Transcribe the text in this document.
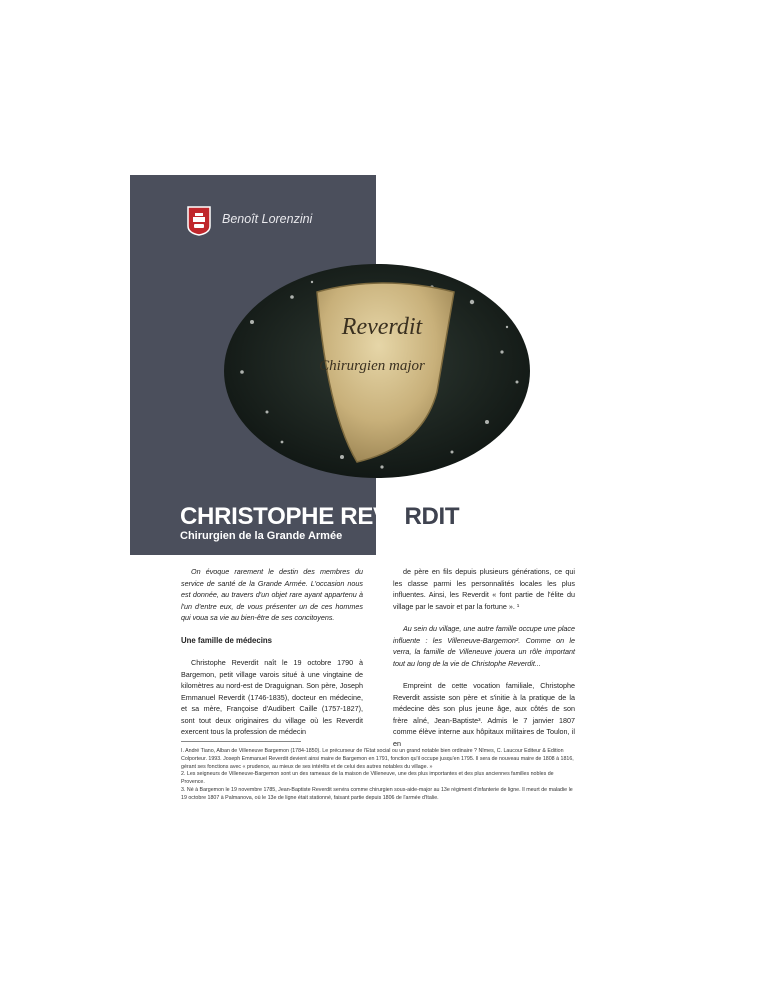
Benoît Lorenzini
Reverdit
Chirurgien major
CHRISTOPHE REVERDIT
Chirurgien de la Grande Armée

On évoque rarement le destin des membres du service de santé de la Grande Armée. L'occasion nous est donnée, au travers d'un objet rare ayant appartenu à l'un d'entre eux, de vous présenter un de ces hommes qui voua sa vie au bien-être de ses concitoyens.

Une famille de médecins

Christophe Reverdit naît le 19 octobre 1790 à Bargemon, petit village varois situé à une vingtaine de kilomètres au nord-est de Draguignan. Son père, Joseph Emmanuel Reverdit (1746-1835), docteur en médecine, et sa mère, Françoise d'Audibert Caille (1757-1827), sont tout deux originaires du village où les Reverdit exercent tous la profession de médecin

de père en fils depuis plusieurs générations, ce qui les classe parmi les personnalités locales les plus influentes. Ainsi, les Reverdit « font partie de l'élite du village par le savoir et par la fortune ». ¹

Au sein du village, une autre famille occupe une place influente : les Villeneuve-Bargemon². Comme on le verra, la famille de Villeneuve jouera un rôle important tout au long de la vie de Christophe Reverdit...

Empreint de cette vocation familiale, Christophe Reverdit assiste son père et s'initie à la pratique de la médecine dès son plus jeune âge, aux côtés de son frère aîné, Jean-Baptiste³. Admis le 7 janvier 1807 comme élève interne aux hôpitaux militaires de Toulon, il en

I. André Tiano, Alban de Villeneuve Bargemon (1784-1850). Le précurseur de l'Etat social ou un grand notable bien ordinaire ? Nîmes, C. Laucour Editeur & Edition Colporteur. 1993. Joseph Emmanuel Reverdit devient ainsi maire de Bargemon en 1791, fonction qu'il occupe jusqu'en 1795. Il sera de nouveau maire de 1808 à 1816, gérant ses fonctions avec « prudence, au mieux de ses intérêts et de celui des autres notables du village. »

2. Les seigneurs de Villeneuve-Bargemon sont un des rameaux de la maison de Villeneuve, une des plus importantes et des plus anciennes familles nobles de Provence.

3. Né à Bargemon le 19 novembre 1785, Jean-Baptiste Reverdit servira comme chirurgien sous-aide-major au 13e régiment d'infanterie de ligne. Il meurt de maladie le 19 octobre 1807 à Palmanova, où le 13e de ligne était stationné, faisant partie depuis 1806 de l'armée d'Italie.
